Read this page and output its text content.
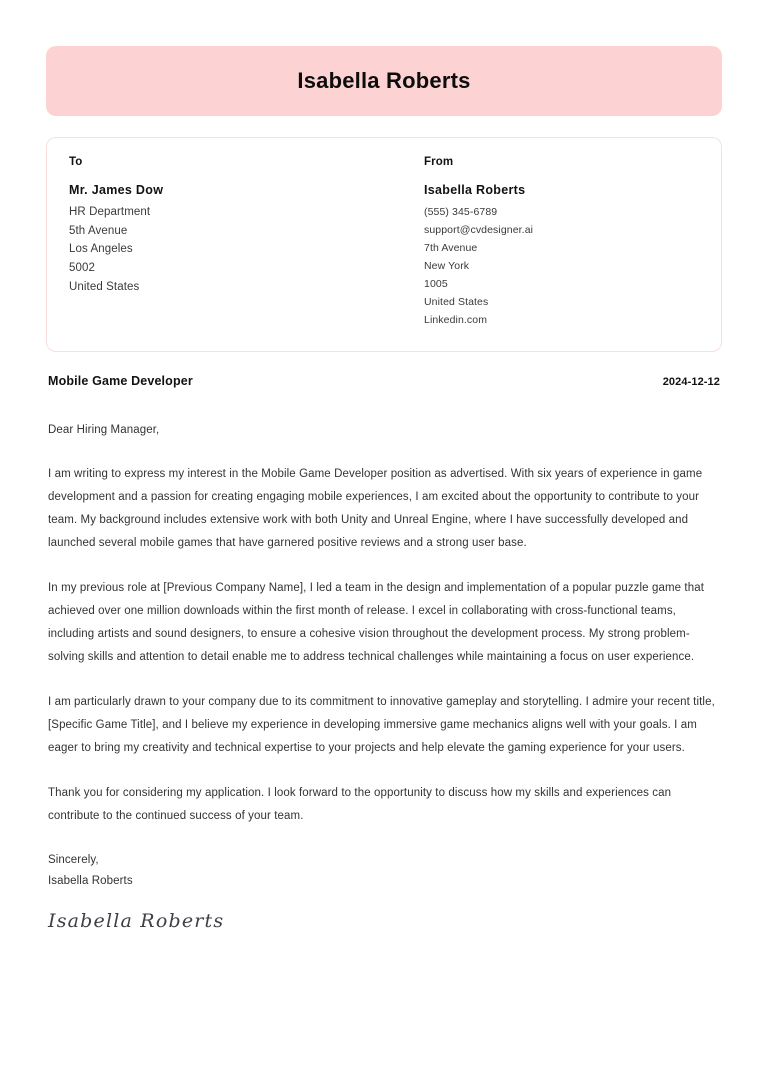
Isabella Roberts
To
Mr. James Dow
HR Department
5th Avenue
Los Angeles
5002
United States
From
Isabella Roberts
(555) 345-6789
support@cvdesigner.ai
7th Avenue
New York
1005
United States
Linkedin.com
Mobile Game Developer	2024-12-12
Dear Hiring Manager,

I am writing to express my interest in the Mobile Game Developer position as advertised. With six years of experience in game development and a passion for creating engaging mobile experiences, I am excited about the opportunity to contribute to your team. My background includes extensive work with both Unity and Unreal Engine, where I have successfully developed and launched several mobile games that have garnered positive reviews and a strong user base.

In my previous role at [Previous Company Name], I led a team in the design and implementation of a popular puzzle game that achieved over one million downloads within the first month of release. I excel in collaborating with cross-functional teams, including artists and sound designers, to ensure a cohesive vision throughout the development process. My strong problem-solving skills and attention to detail enable me to address technical challenges while maintaining a focus on user experience.

I am particularly drawn to your company due to its commitment to innovative gameplay and storytelling. I admire your recent title, [Specific Game Title], and I believe my experience in developing immersive game mechanics aligns well with your goals. I am eager to bring my creativity and technical expertise to your projects and help elevate the gaming experience for your users.

Thank you for considering my application. I look forward to the opportunity to discuss how my skills and experiences can contribute to the continued success of your team.

Sincerely,
Isabella Roberts
Isabella Roberts
